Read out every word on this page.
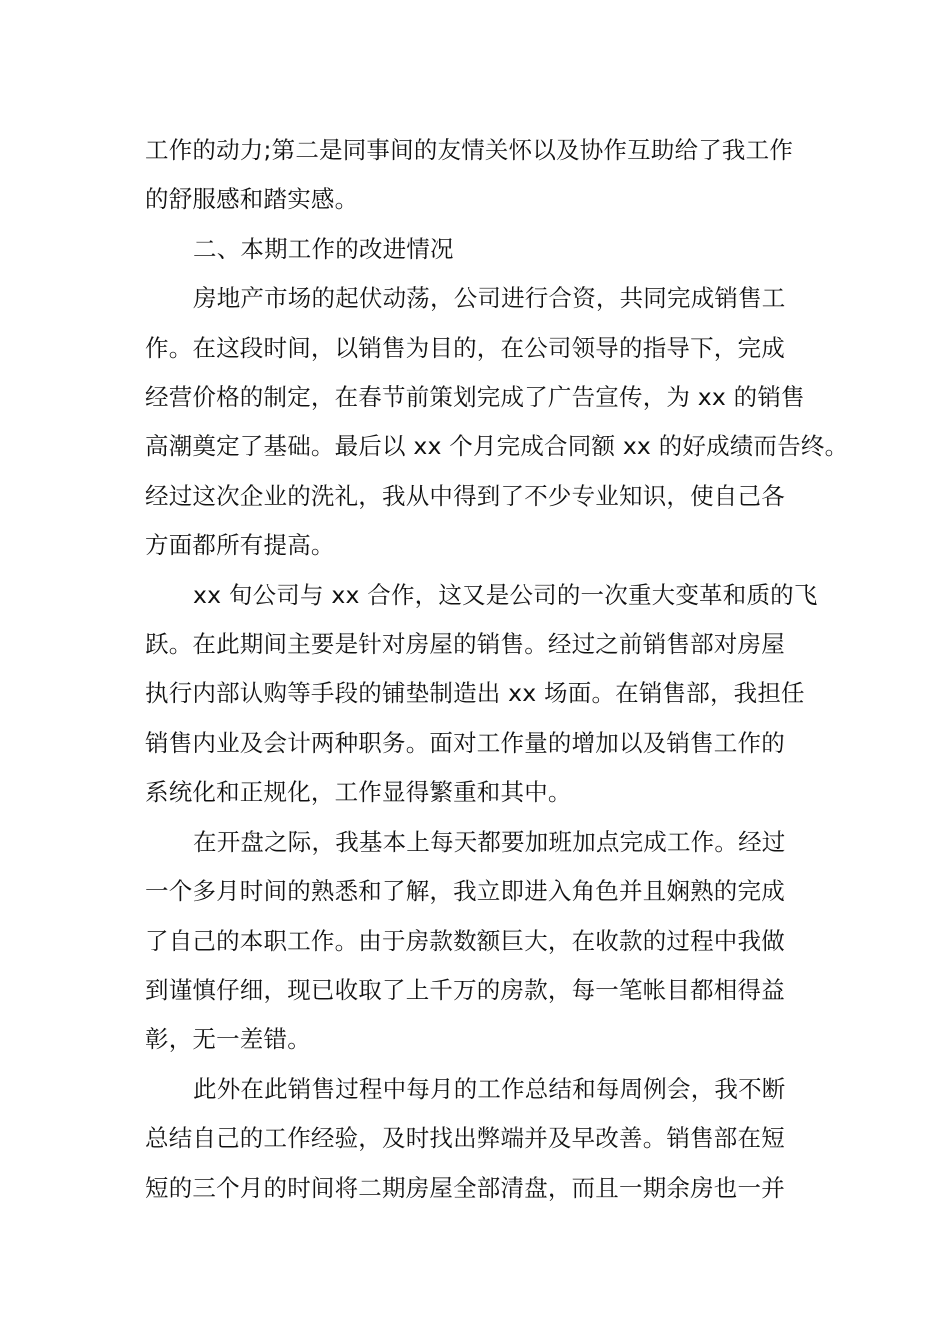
工作的动力;第二是同事间的友情关怀以及协作互助给了我工作
的舒服感和踏实感。
二、本期工作的改进情况
房地产市场的起伏动荡，公司进行合资，共同完成销售工
作。在这段时间，以销售为目的，在公司领导的指导下，完成
经营价格的制定，在春节前策划完成了广告宣传，为 xx 的销售
高潮奠定了基础。最后以 xx 个月完成合同额 xx 的好成绩而告终。
经过这次企业的洗礼，我从中得到了不少专业知识，使自己各
方面都所有提高。
xx 旬公司与 xx 合作，这又是公司的一次重大变革和质的飞
跃。在此期间主要是针对房屋的销售。经过之前销售部对房屋
执行内部认购等手段的铺垫制造出 xx 场面。在销售部，我担任
销售内业及会计两种职务。面对工作量的增加以及销售工作的
系统化和正规化，工作显得繁重和其中。
在开盘之际，我基本上每天都要加班加点完成工作。经过
一个多月时间的熟悉和了解，我立即进入角色并且娴熟的完成
了自己的本职工作。由于房款数额巨大，在收款的过程中我做
到谨慎仔细，现已收取了上千万的房款，每一笔帐目都相得益
彰，无一差错。
此外在此销售过程中每月的工作总结和每周例会，我不断
总结自己的工作经验，及时找出弊端并及早改善。销售部在短
短的三个月的时间将二期房屋全部清盘，而且一期余房也一并
